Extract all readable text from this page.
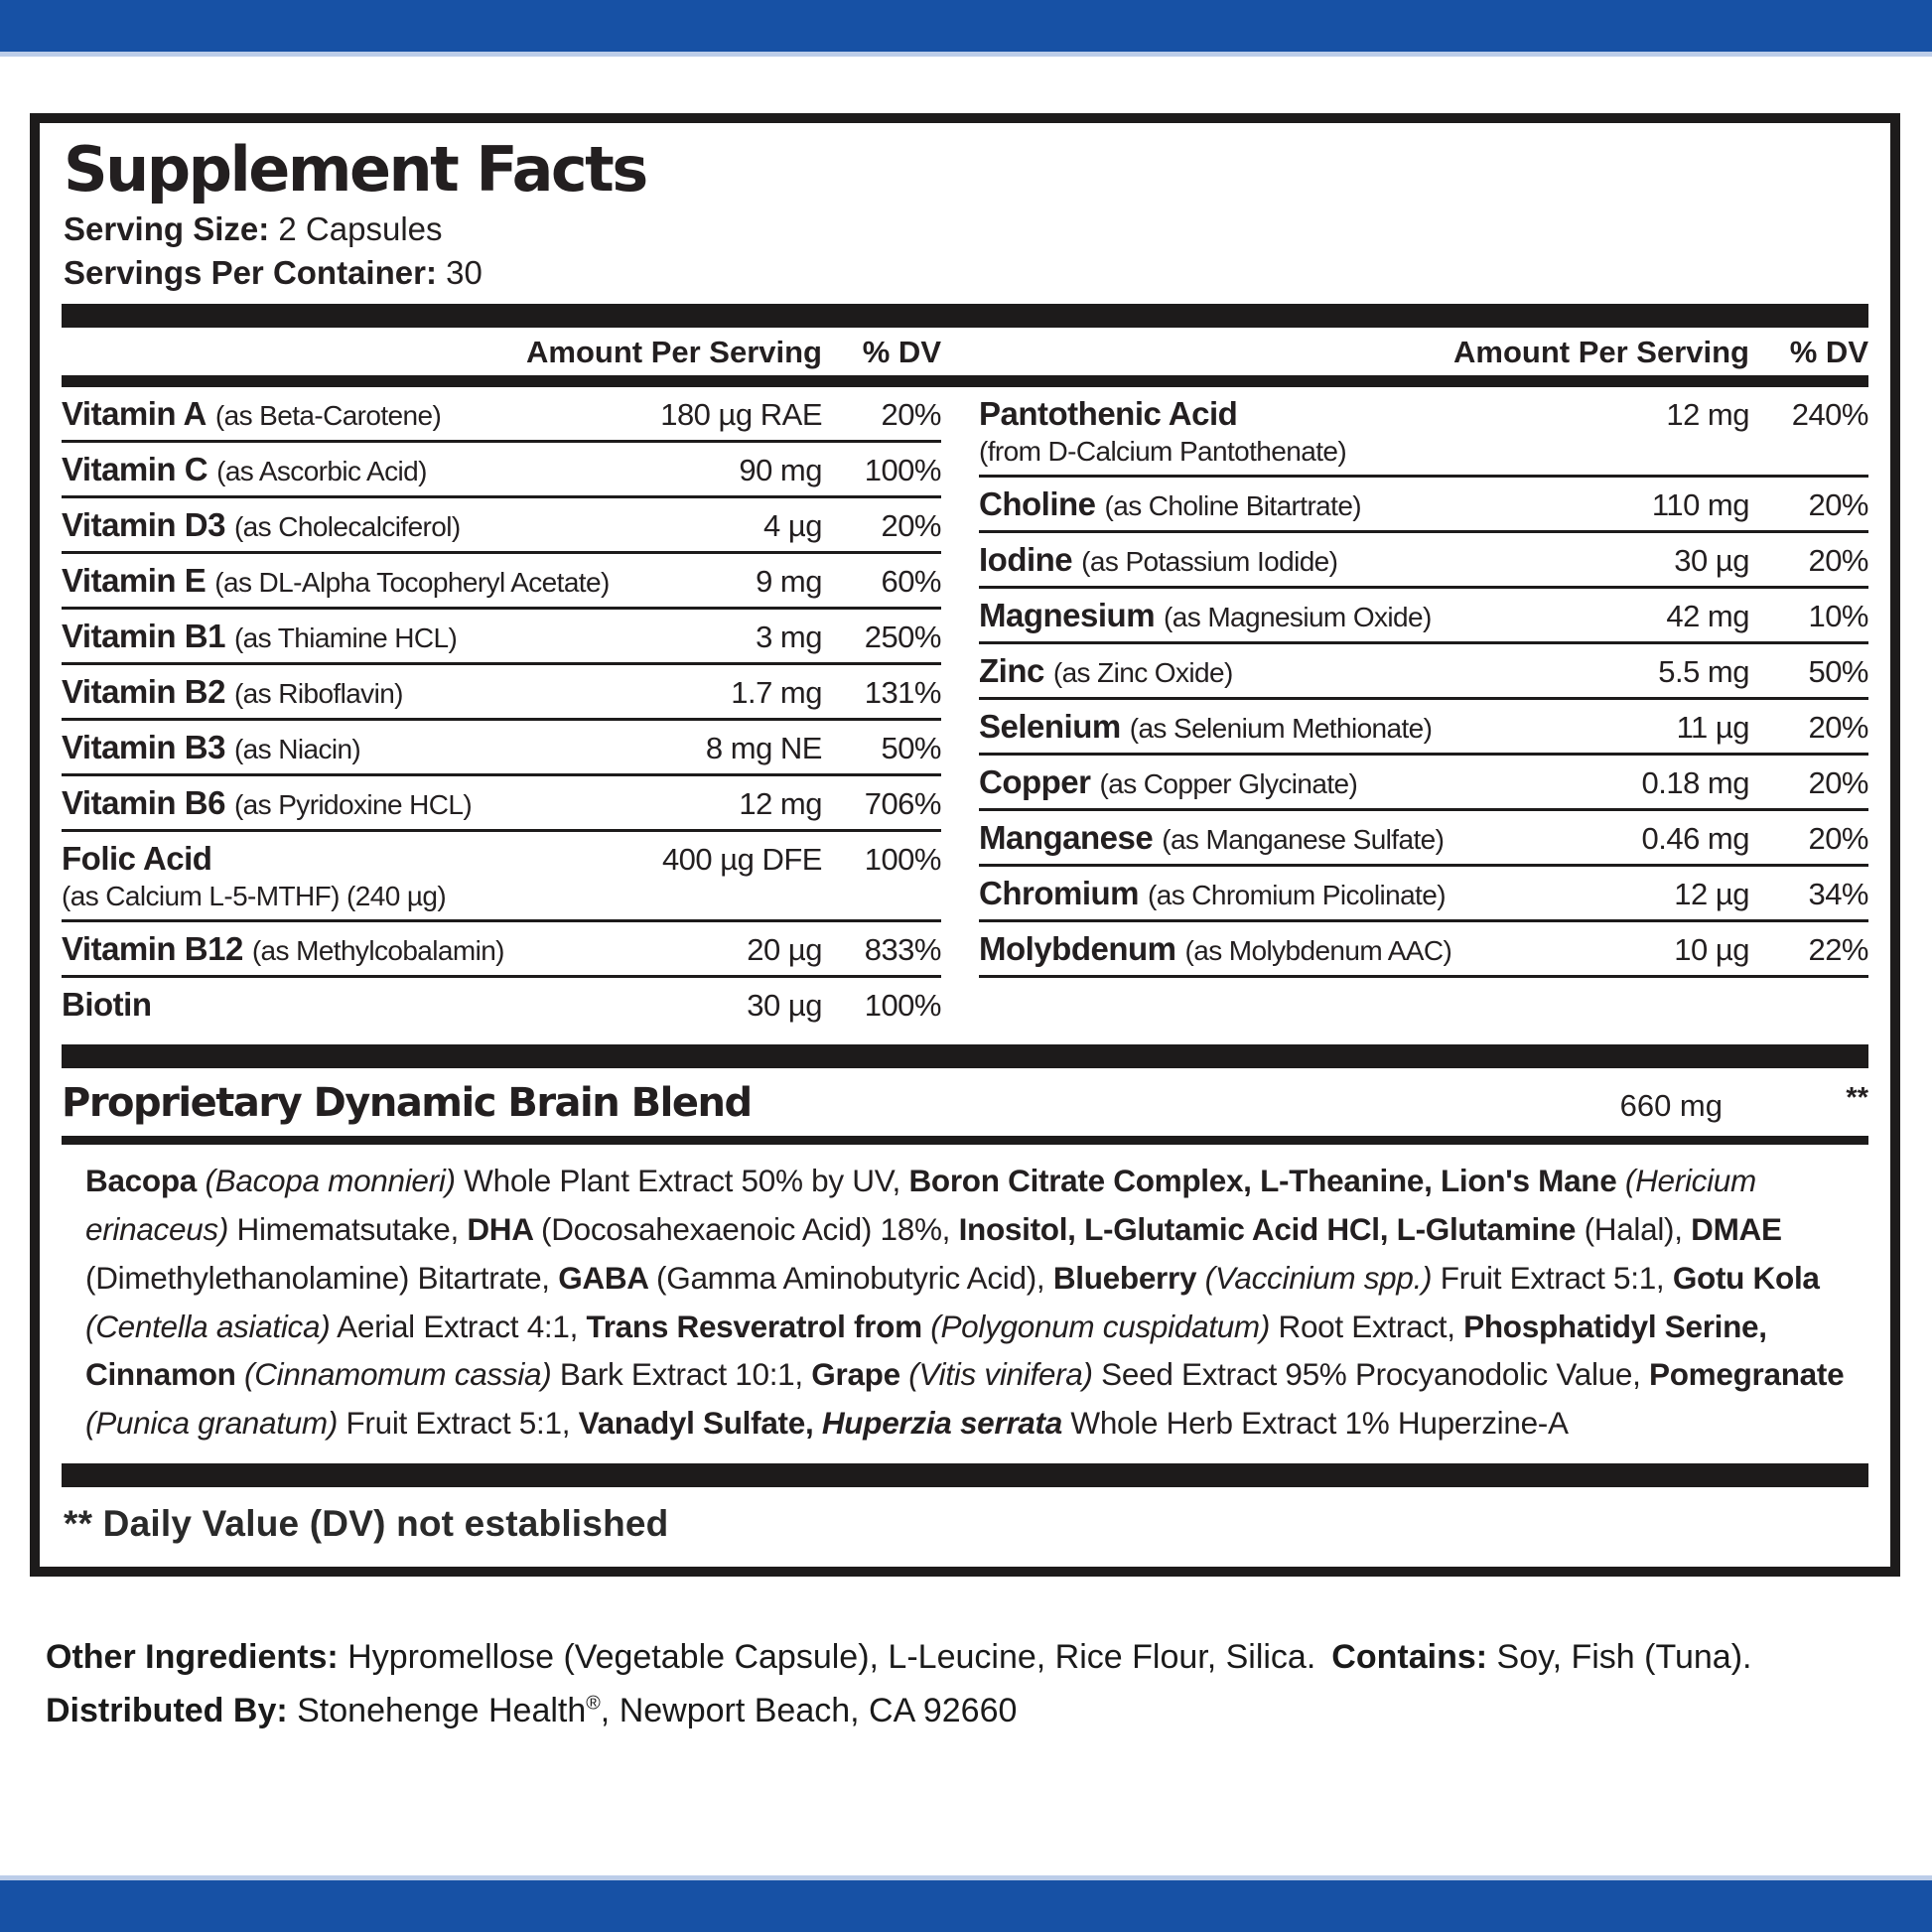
Supplement Facts
Serving Size: 2 Capsules
Servings Per Container: 30
Amount Per Serving	% DV	Amount Per Serving	% DV
Vitamin A (as Beta-Carotene)	180 µg RAE	20%
Vitamin C (as Ascorbic Acid)	90 mg	100%
Vitamin D3 (as Cholecalciferol)	4 µg	20%
Vitamin E (as DL-Alpha Tocopheryl Acetate)	9 mg	60%
Vitamin B1 (as Thiamine HCL)	3 mg	250%
Vitamin B2 (as Riboflavin)	1.7 mg	131%
Vitamin B3 (as Niacin)	8 mg NE	50%
Vitamin B6 (as Pyridoxine HCL)	12 mg	706%
Folic Acid	400 µg DFE	100%
(as Calcium L-5-MTHF) (240 µg)
Vitamin B12 (as Methylcobalamin)	20 µg	833%
Biotin	30 µg	100%
Pantothenic Acid	12 mg	240%
(from D-Calcium Pantothenate)
Choline (as Choline Bitartrate)	110 mg	20%
Iodine (as Potassium Iodide)	30 µg	20%
Magnesium (as Magnesium Oxide)	42 mg	10%
Zinc (as Zinc Oxide)	5.5 mg	50%
Selenium (as Selenium Methionate)	11 µg	20%
Copper (as Copper Glycinate)	0.18 mg	20%
Manganese (as Manganese Sulfate)	0.46 mg	20%
Chromium (as Chromium Picolinate)	12 µg	34%
Molybdenum (as Molybdenum AAC)	10 µg	22%
Proprietary Dynamic Brain Blend	660 mg	**
Bacopa (Bacopa monnieri) Whole Plant Extract 50% by UV, Boron Citrate Complex, L-Theanine, Lion's Mane (Hericium erinaceus) Himematsutake, DHA (Docosahexaenoic Acid) 18%, Inositol, L-Glutamic Acid HCl, L-Glutamine (Halal), DMAE (Dimethylethanolamine) Bitartrate, GABA (Gamma Aminobutyric Acid), Blueberry (Vaccinium spp.) Fruit Extract 5:1, Gotu Kola (Centella asiatica) Aerial Extract 4:1, Trans Resveratrol from (Polygonum cuspidatum) Root Extract, Phosphatidyl Serine, Cinnamon (Cinnamomum cassia) Bark Extract 10:1, Grape (Vitis vinifera) Seed Extract 95% Procyanodolic Value, Pomegranate (Punica granatum) Fruit Extract 5:1, Vanadyl Sulfate, Huperzia serrata Whole Herb Extract 1% Huperzine-A
** Daily Value (DV) not established
Other Ingredients: Hypromellose (Vegetable Capsule), L-Leucine, Rice Flour, Silica. Contains: Soy, Fish (Tuna).
Distributed By: Stonehenge Health®, Newport Beach, CA 92660
